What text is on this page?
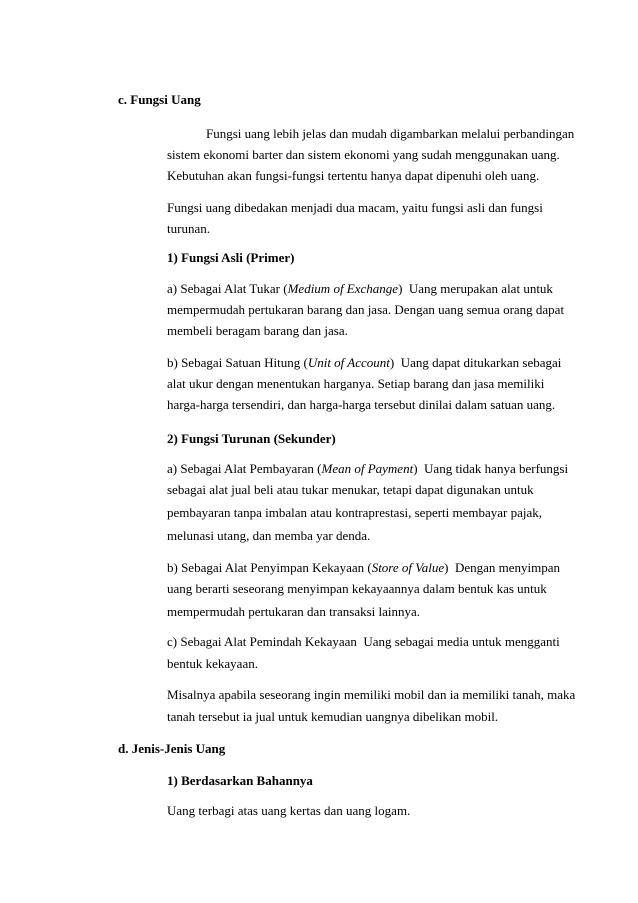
c. Fungsi Uang
Fungsi uang lebih jelas dan mudah digambarkan melalui perbandingan
sistem ekonomi barter dan sistem ekonomi yang sudah menggunakan uang.
Kebutuhan akan fungsi-fungsi tertentu hanya dapat dipenuhi oleh uang.
Fungsi uang dibedakan menjadi dua macam, yaitu fungsi asli dan fungsi
turunan.
1) Fungsi Asli (Primer)
a) Sebagai Alat Tukar (Medium of Exchange)  Uang merupakan alat untuk
mempermudah pertukaran barang dan jasa. Dengan uang semua orang dapat
membeli beragam barang dan jasa.
b) Sebagai Satuan Hitung (Unit of Account)  Uang dapat ditukarkan sebagai
alat ukur dengan menentukan harganya. Setiap barang dan jasa memiliki
harga-harga tersendiri, dan harga-harga tersebut dinilai dalam satuan uang.
2) Fungsi Turunan (Sekunder)
a) Sebagai Alat Pembayaran (Mean of Payment)  Uang tidak hanya berfungsi
sebagai alat jual beli atau tukar menukar, tetapi dapat digunakan untuk
pembayaran tanpa imbalan atau kontraprestasi, seperti membayar pajak,
melunasi utang, dan memba yar denda.
b) Sebagai Alat Penyimpan Kekayaan (Store of Value)  Dengan menyimpan
uang berarti seseorang menyimpan kekayaannya dalam bentuk kas untuk
mempermudah pertukaran dan transaksi lainnya.
c) Sebagai Alat Pemindah Kekayaan  Uang sebagai media untuk mengganti
bentuk kekayaan.
Misalnya apabila seseorang ingin memiliki mobil dan ia memiliki tanah, maka
tanah tersebut ia jual untuk kemudian uangnya dibelikan mobil.
d. Jenis-Jenis Uang
1) Berdasarkan Bahannya
Uang terbagi atas uang kertas dan uang logam.
